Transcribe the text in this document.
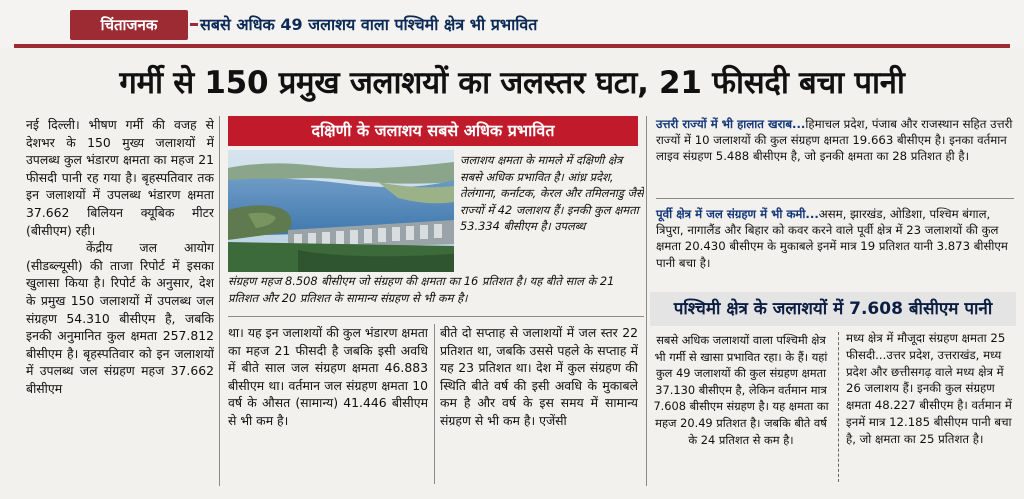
चिंताजनक	सबसे अधिक 49 जलाशय वाला पश्चिमी क्षेत्र भी प्रभावित
गर्मी से 150 प्रमुख जलाशयों का जलस्तर घटा, 21 फीसदी बचा पानी

नई दिल्ली। भीषण गर्मी की वजह से देशभर के 150 मुख्य जलाशयों में उपलब्ध कुल भंडारण क्षमता का महज 21 फीसदी पानी रह गया है। बृहस्पतिवार तक इन जलाशयों में उपलब्ध भंडारण क्षमता 37.662 बिलियन क्यूबिक मीटर (बीसीएम) रही।

केंद्रीय जल आयोग (सीडब्ल्यूसी) की ताजा रिपोर्ट में इसका खुलासा किया है। रिपोर्ट के अनुसार, देश के प्रमुख 150 जलाशयों में उपलब्ध जल संग्रहण 54.310 बीसीएम है, जबकि इनकी अनुमानित कुल क्षमता 257.812 बीसीएम है। बृहस्पतिवार को इन जलाशयों में उपलब्ध जल संग्रहण महज 37.662 बीसीएम

दक्षिणी के जलाशय सबसे अधिक प्रभावित
जलाशय क्षमता के मामले में दक्षिणी क्षेत्र सबसे अधिक प्रभावित है। आंध्र प्रदेश, तेलंगाना, कर्नाटक, केरल और तमिलनाडु जैसे राज्यों में 42 जलाशय हैं। इनकी कुल क्षमता 53.334 बीसीएम है। उपलब्ध
संग्रहण महज 8.508 बीसीएम जो संग्रहण की क्षमता का 16 प्रतिशत है। यह बीते साल के 21 प्रतिशत और 20 प्रतिशत के सामान्य संग्रहण से भी कम है।
था। यह इन जलाशयों की कुल भंडारण क्षमता का महज 21 फीसदी है जबकि इसी अवधि में बीते साल जल संग्रहण क्षमता 46.883 बीसीएम था। वर्तमान जल संग्रहण क्षमता 10 वर्ष के औसत (सामान्य) 41.446 बीसीएम से भी कम है।
बीते दो सप्ताह से जलाशयों में जल स्तर 22 प्रतिशत था, जबकि उससे पहले के सप्ताह में यह 23 प्रतिशत था। देश में कुल संग्रहण की स्थिति बीते वर्ष की इसी अवधि के मुकाबले कम है और वर्ष के इस समय में सामान्य संग्रहण से भी कम है। एजेंसी
उत्तरी राज्यों में भी हालात खराब...हिमाचल प्रदेश, पंजाब और राजस्थान सहित उत्तरी राज्यों में 10 जलाशयों की कुल संग्रहण क्षमता 19.663 बीसीएम है। इनका वर्तमान लाइव संग्रहण 5.488 बीसीएम है, जो इनकी क्षमता का 28 प्रतिशत ही है।
पूर्वी क्षेत्र में जल संग्रहण में भी कमी...असम, झारखंड, ओडिशा, पश्चिम बंगाल, त्रिपुरा, नागालैंड और बिहार को कवर करने वाले पूर्वी क्षेत्र में 23 जलाशयों की कुल क्षमता 20.430 बीसीएम के मुकाबले इनमें मात्र 19 प्रतिशत यानी 3.873 बीसीएम पानी बचा है।
पश्चिमी क्षेत्र के जलाशयों में 7.608 बीसीएम पानी
सबसे अधिक जलाशयों वाला पश्चिमी क्षेत्र भी गर्मी से खासा प्रभावित रहा। के हैं। यहां कुल 49 जलाशयों की कुल संग्रहण क्षमता 37.130 बीसीएम है, लेकिन वर्तमान मात्र 7.608 बीसीएम संग्रहण है। यह क्षमता का महज 20.49 प्रतिशत है। जबकि बीते वर्ष के 24 प्रतिशत से कम है।
मध्य क्षेत्र में मौजूदा संग्रहण क्षमता 25 फीसदी...उत्तर प्रदेश, उत्तराखंड, मध्य प्रदेश और छत्तीसगढ़ वाले मध्य क्षेत्र में 26 जलाशय हैं। इनकी कुल संग्रहण क्षमता 48.227 बीसीएम है। वर्तमान में इनमें मात्र 12.185 बीसीएम पानी बचा है, जो क्षमता का 25 प्रतिशत है।
